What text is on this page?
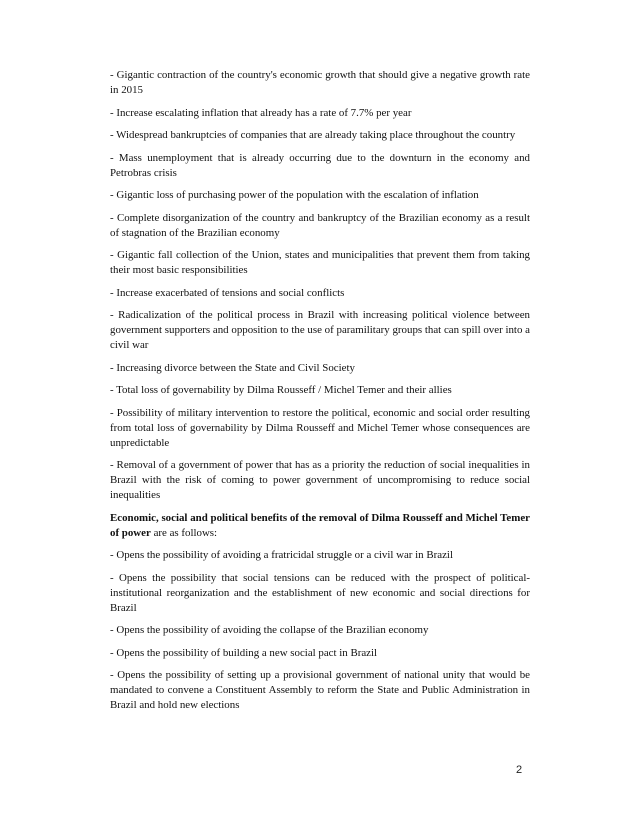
- Gigantic contraction of the country's economic growth that should give a negative growth rate in 2015

- Increase escalating inflation that already has a rate of 7.7% per year

- Widespread bankruptcies of companies that are already taking place throughout the country

- Mass unemployment that is already occurring due to the downturn in the economy and Petrobras crisis

- Gigantic loss of purchasing power of the population with the escalation of inflation

- Complete disorganization of the country and bankruptcy of the Brazilian economy as a result of stagnation of the Brazilian economy

- Gigantic fall collection of the Union, states and municipalities that prevent them from taking their most basic responsibilities

- Increase exacerbated of tensions and social conflicts

- Radicalization of the political process in Brazil with increasing political violence between government supporters and opposition to the use of paramilitary groups that can spill over into a civil war

- Increasing divorce between the State and Civil Society

- Total loss of governability by Dilma Rousseff / Michel Temer and their allies

- Possibility of military intervention to restore the political, economic and social order resulting from total loss of governability by Dilma Rousseff and Michel Temer whose consequences are unpredictable

- Removal of a government of power that has as a priority the reduction of social inequalities in Brazil with the risk of coming to power government of uncompromising to reduce social inequalities

Economic, social and political benefits of the removal of Dilma Rousseff and Michel Temer of power are as follows:

- Opens the possibility of avoiding a fratricidal struggle or a civil war in Brazil

- Opens the possibility that social tensions can be reduced with the prospect of political-institutional reorganization and the establishment of new economic and social directions for Brazil

- Opens the possibility of avoiding the collapse of the Brazilian economy

- Opens the possibility of building a new social pact in Brazil

- Opens the possibility of setting up a provisional government of national unity that would be mandated to convene a Constituent Assembly to reform the State and Public Administration in Brazil and hold new elections

2
